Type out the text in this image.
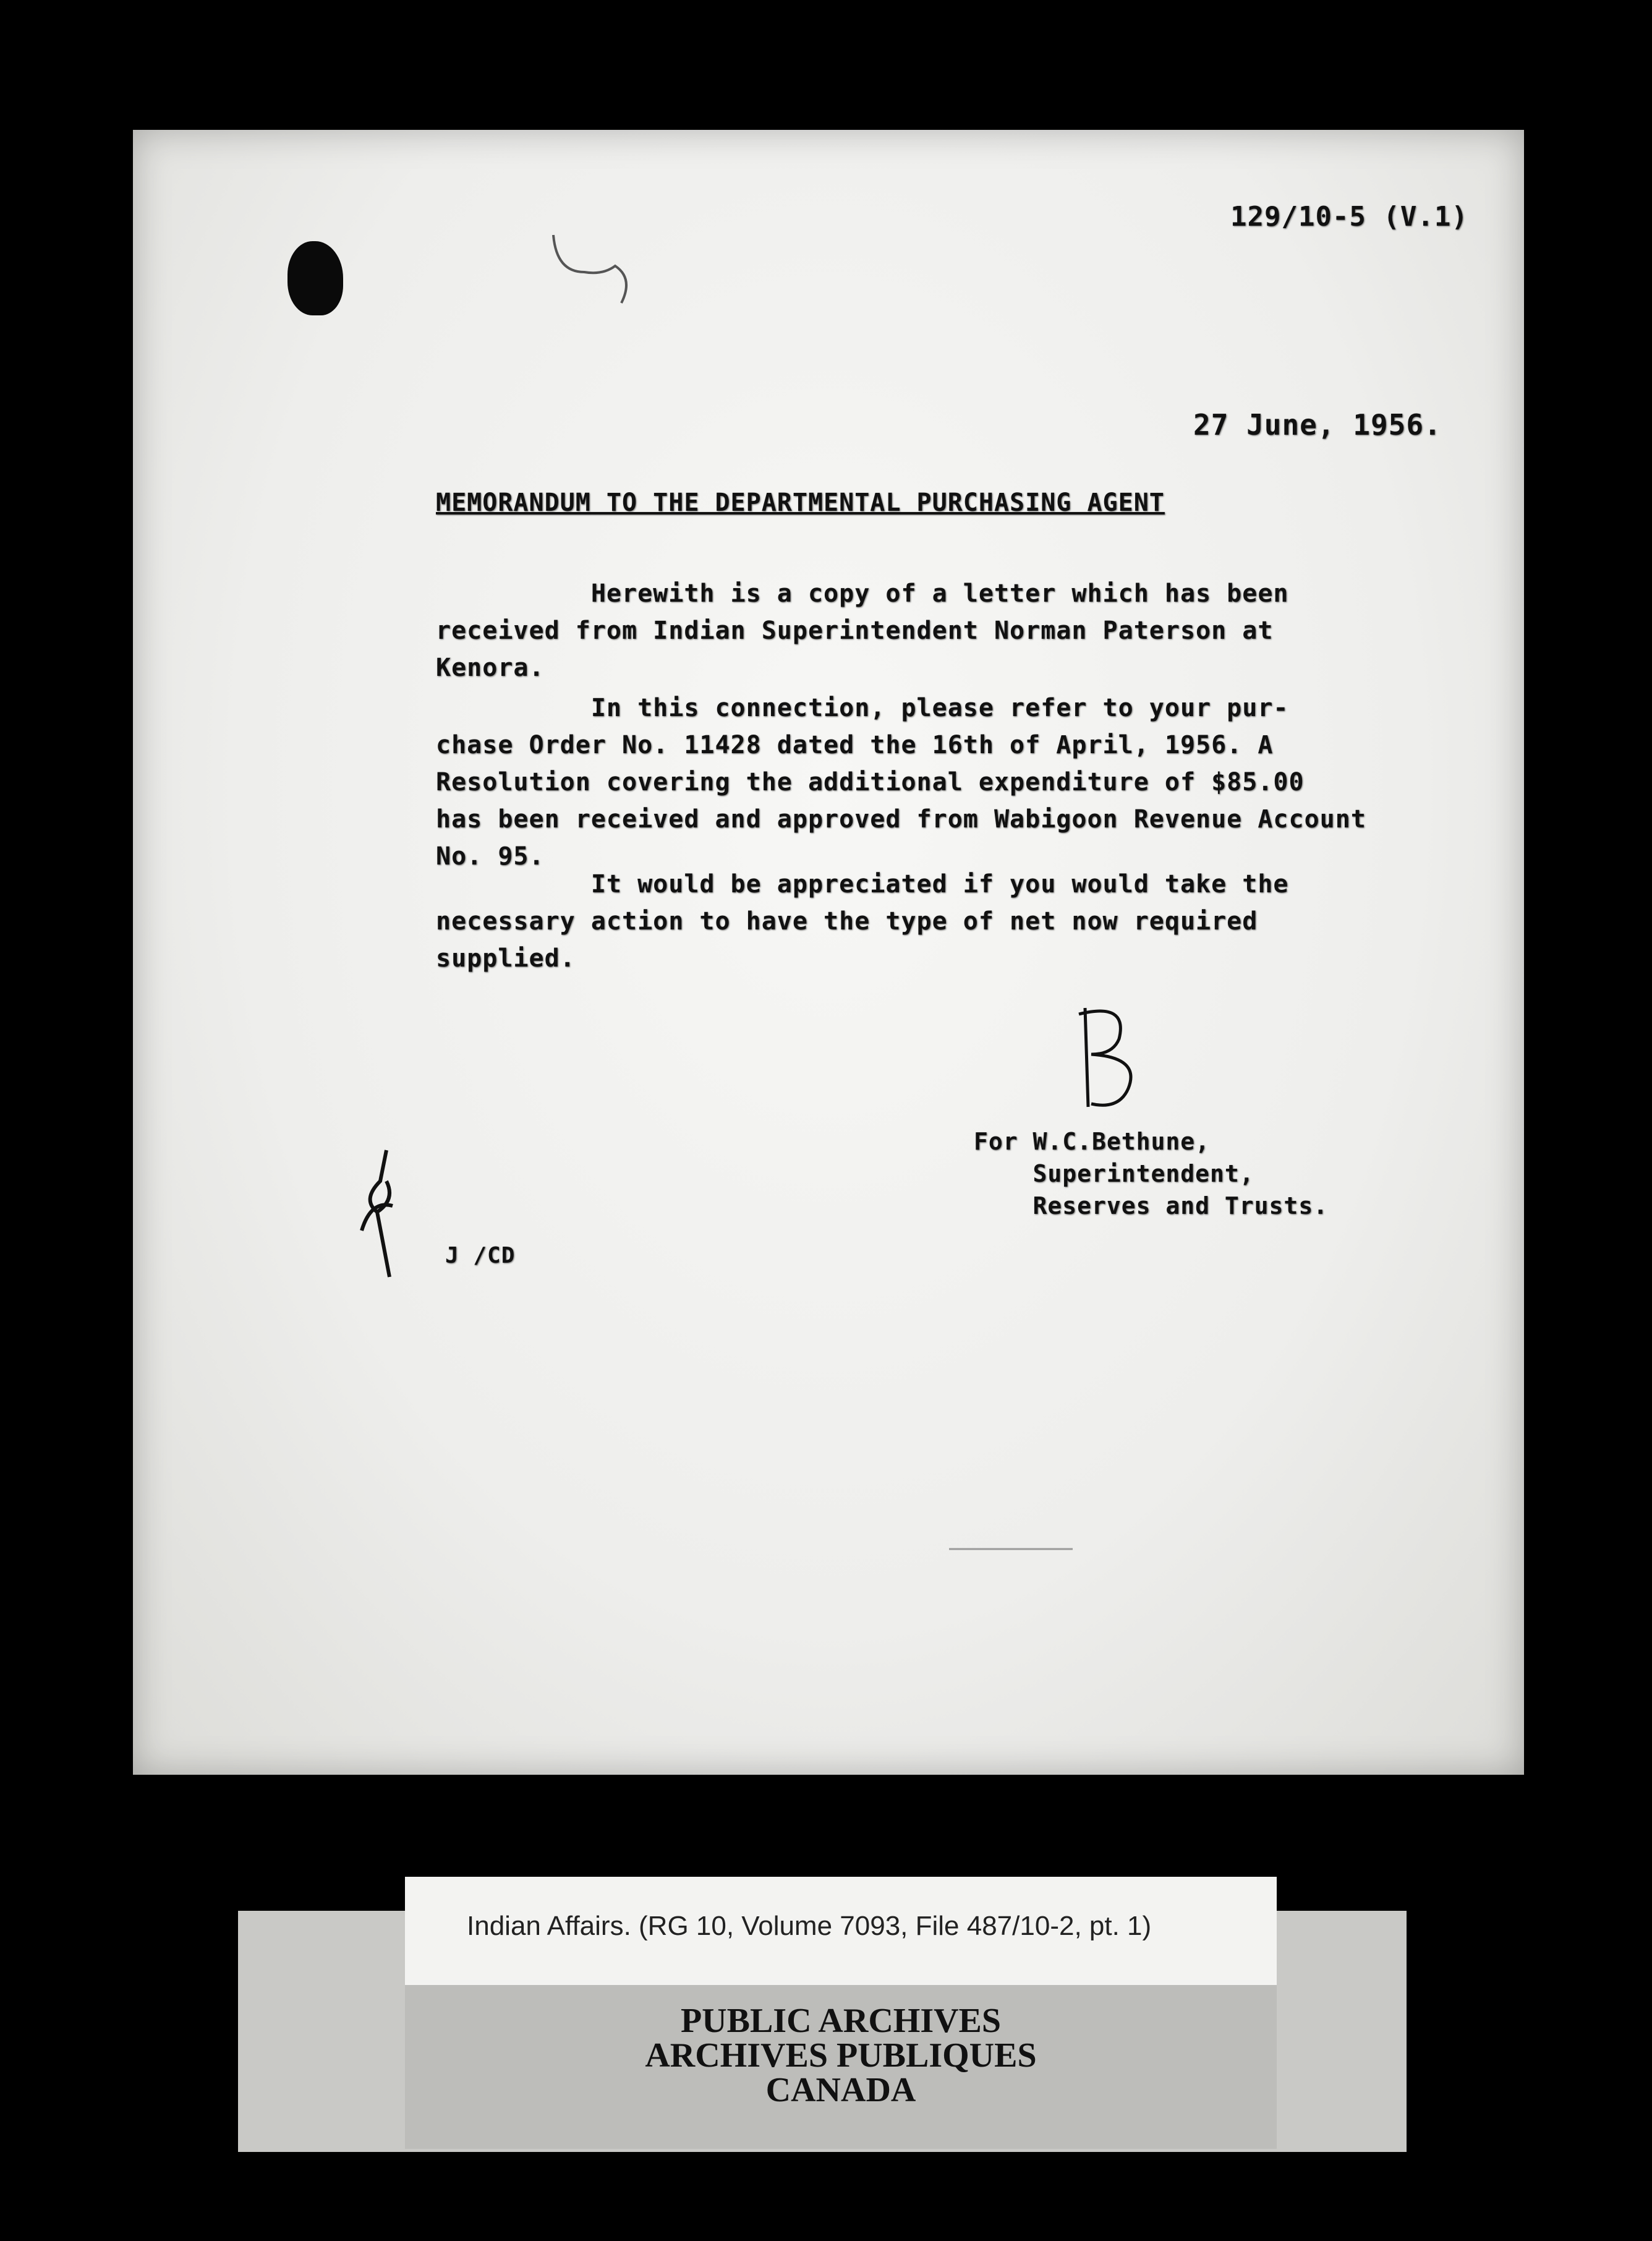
129/10-5 (V.1)
27 June, 1956.
MEMORANDUM TO THE DEPARTMENTAL PURCHASING AGENT
Herewith is a copy of a letter which has been
received from Indian Superintendent Norman Paterson at
Kenora.
In this connection, please refer to your pur-
chase Order No. 11428 dated the 16th of April, 1956. A
Resolution covering the additional expenditure of $85.00
has been received and approved from Wabigoon Revenue Account
No. 95.
It would be appreciated if you would take the
necessary action to have the type of net now required
supplied.
For W.C.Bethune,
Superintendent,
Reserves and Trusts.
J /CD
PUBLIC ARCHIVES
ARCHIVES PUBLIQUES
CANADA
Indian Affairs. (RG 10, Volume 7093, File 487/10-2, pt. 1)
